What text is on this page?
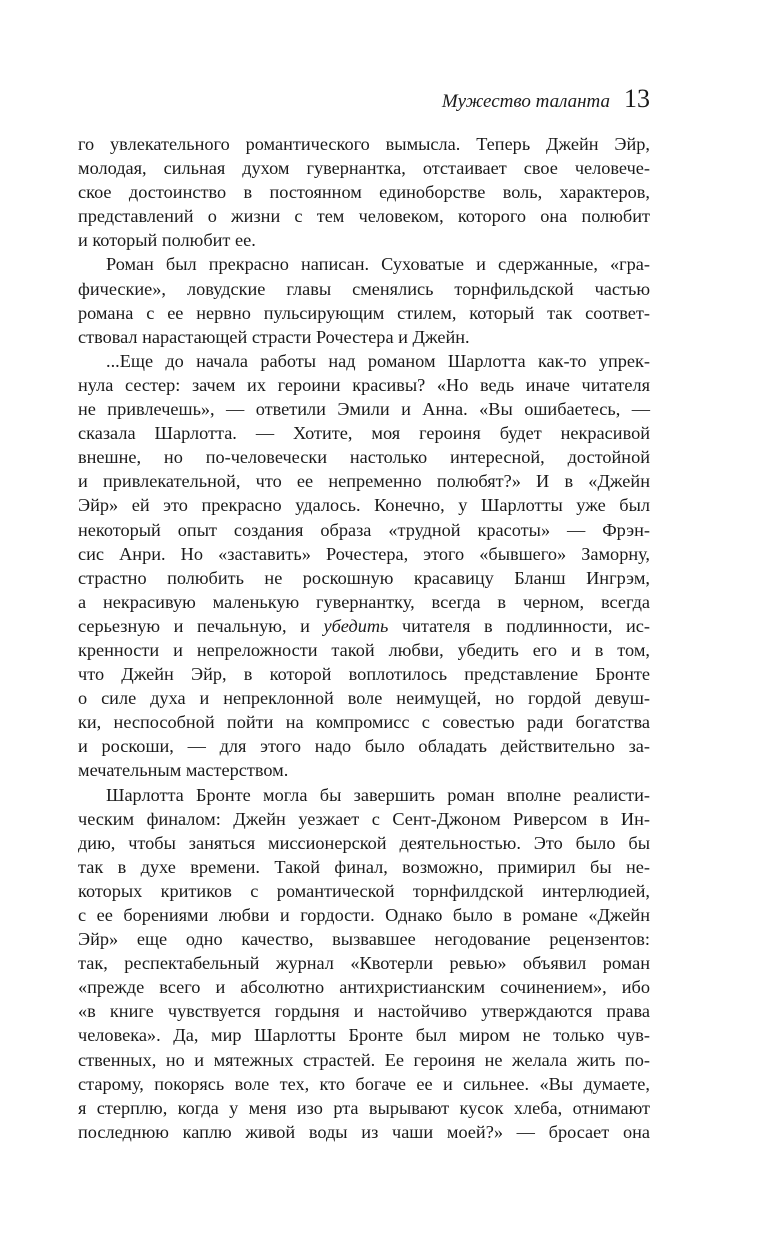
Мужество таланта 13
го увлекательного романтического вымысла. Теперь Джейн Эйр,
молодая, сильная духом гувернантка, отстаивает свое человече-
ское достоинство в постоянном единоборстве воль, характеров,
представлений о жизни с тем человеком, которого она полюбит
и который полюбит ее.
Роман был прекрасно написан. Суховатые и сдержанные, «гра-
фические», ловудские главы сменялись торнфильдской частью
романа с ее нервно пульсирующим стилем, который так соответ-
ствовал нарастающей страсти Рочестера и Джейн.
...Еще до начала работы над романом Шарлотта как-то упрек-
нула сестер: зачем их героини красивы? «Но ведь иначе читателя
не привлечешь», — ответили Эмили и Анна. «Вы ошибаетесь, —
сказала Шарлотта. — Хотите, моя героиня будет некрасивой
внешне, но по-человечески настолько интересной, достойной
и привлекательной, что ее непременно полюбят?» И в «Джейн
Эйр» ей это прекрасно удалось. Конечно, у Шарлотты уже был
некоторый опыт создания образа «трудной красоты» — Фрэн-
сис Анри. Но «заставить» Рочестера, этого «бывшего» Заморну,
страстно полюбить не роскошную красавицу Бланш Ингрэм,
а некрасивую маленькую гувернантку, всегда в черном, всегда
серьезную и печальную, и убедить читателя в подлинности, ис-
кренности и непреложности такой любви, убедить его и в том,
что Джейн Эйр, в которой воплотилось представление Бронте
о силе духа и непреклонной воле неимущей, но гордой девуш-
ки, неспособной пойти на компромисс с совестью ради богатства
и роскоши, — для этого надо было обладать действительно за-
мечательным мастерством.
Шарлотта Бронте могла бы завершить роман вполне реалисти-
ческим финалом: Джейн уезжает с Сент-Джоном Риверсом в Ин-
дию, чтобы заняться миссионерской деятельностью. Это было бы
так в духе времени. Такой финал, возможно, примирил бы не-
которых критиков с романтической торнфилдской интерлюдией,
с ее борениями любви и гордости. Однако было в романе «Джейн
Эйр» еще одно качество, вызвавшее негодование рецензентов:
так, респектабельный журнал «Квотерли ревью» объявил роман
«прежде всего и абсолютно антихристианским сочинением», ибо
«в книге чувствуется гордыня и настойчиво утверждаются права
человека». Да, мир Шарлотты Бронте был миром не только чув-
ственных, но и мятежных страстей. Ее героиня не желала жить по-
старому, покорясь воле тех, кто богаче ее и сильнее. «Вы думаете,
я стерплю, когда у меня изо рта вырывают кусок хлеба, отнимают
последнюю каплю живой воды из чаши моей?» — бросает она
